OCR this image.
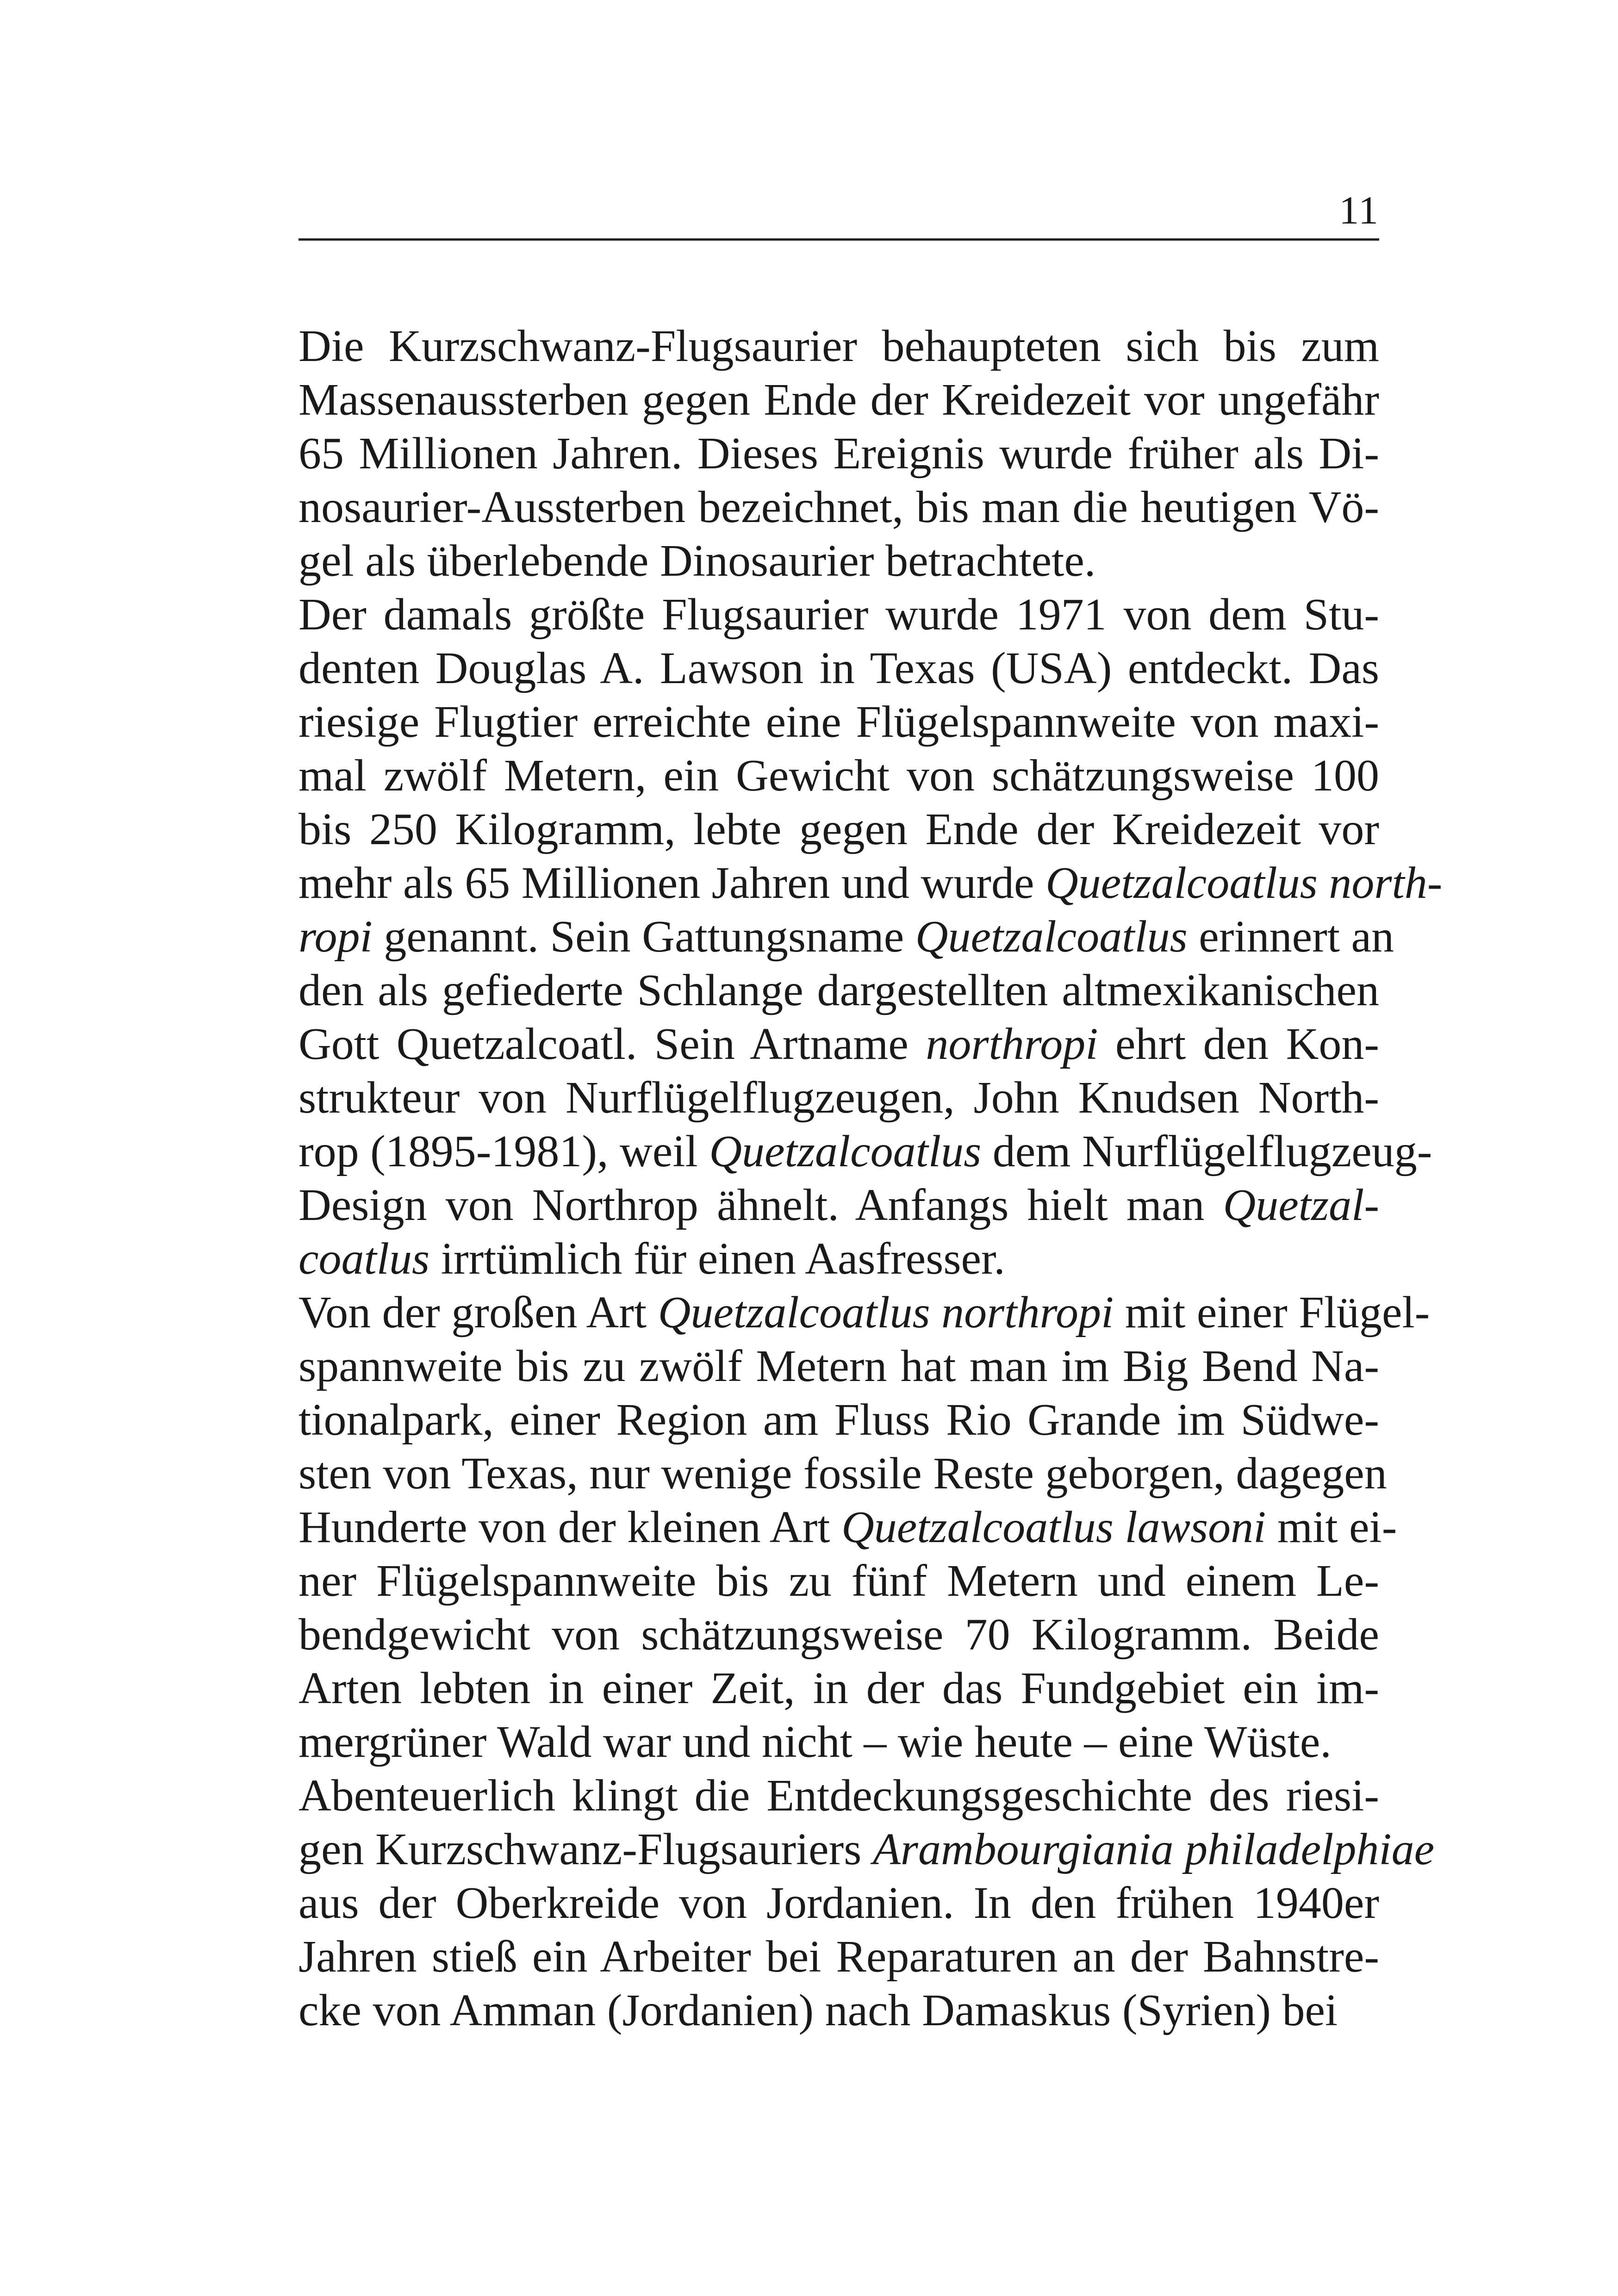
11
Die Kurzschwanz-Flugsaurier behaupteten sich bis zum
Massenaussterben gegen Ende der Kreidezeit vor ungefähr
65 Millionen Jahren. Dieses Ereignis wurde früher als Di-
nosaurier-Aussterben bezeichnet, bis man die heutigen Vö-
gel als überlebende Dinosaurier betrachtete.
Der damals größte Flugsaurier wurde 1971 von dem Stu-
denten Douglas A. Lawson in Texas (USA) entdeckt. Das
riesige Flugtier erreichte eine Flügelspannweite von maxi-
mal zwölf Metern, ein Gewicht von schätzungsweise 100
bis 250 Kilogramm, lebte gegen Ende der Kreidezeit vor
mehr als 65 Millionen Jahren und wurde Quetzalcoatlus north-
ropi genannt. Sein Gattungsname Quetzalcoatlus erinnert an
den als gefiederte Schlange dargestellten altmexikanischen
Gott Quetzalcoatl. Sein Artname northropi ehrt den Kon-
strukteur von Nurflügelflugzeugen, John Knudsen North-
rop (1895-1981), weil Quetzalcoatlus dem Nurflügelflugzeug-
Design von Northrop ähnelt. Anfangs hielt man Quetzal-
coatlus irrtümlich für einen Aasfresser.
Von der großen Art Quetzalcoatlus northropi mit einer Flügel-
spannweite bis zu zwölf Metern hat man im Big Bend Na-
tionalpark, einer Region am Fluss Rio Grande im Südwe-
sten von Texas, nur wenige fossile Reste geborgen, dagegen
Hunderte von der kleinen Art Quetzalcoatlus lawsoni mit ei-
ner Flügelspannweite bis zu fünf Metern und einem Le-
bendgewicht von schätzungsweise 70 Kilogramm. Beide
Arten lebten in einer Zeit, in der das Fundgebiet ein im-
mergrüner Wald war und nicht – wie heute – eine Wüste.
Abenteuerlich klingt die Entdeckungsgeschichte des riesi-
gen Kurzschwanz-Flugsauriers Arambourgiania philadelphiae
aus der Oberkreide von Jordanien. In den frühen 1940er
Jahren stieß ein Arbeiter bei Reparaturen an der Bahnstre-
cke von Amman (Jordanien) nach Damaskus (Syrien) bei
